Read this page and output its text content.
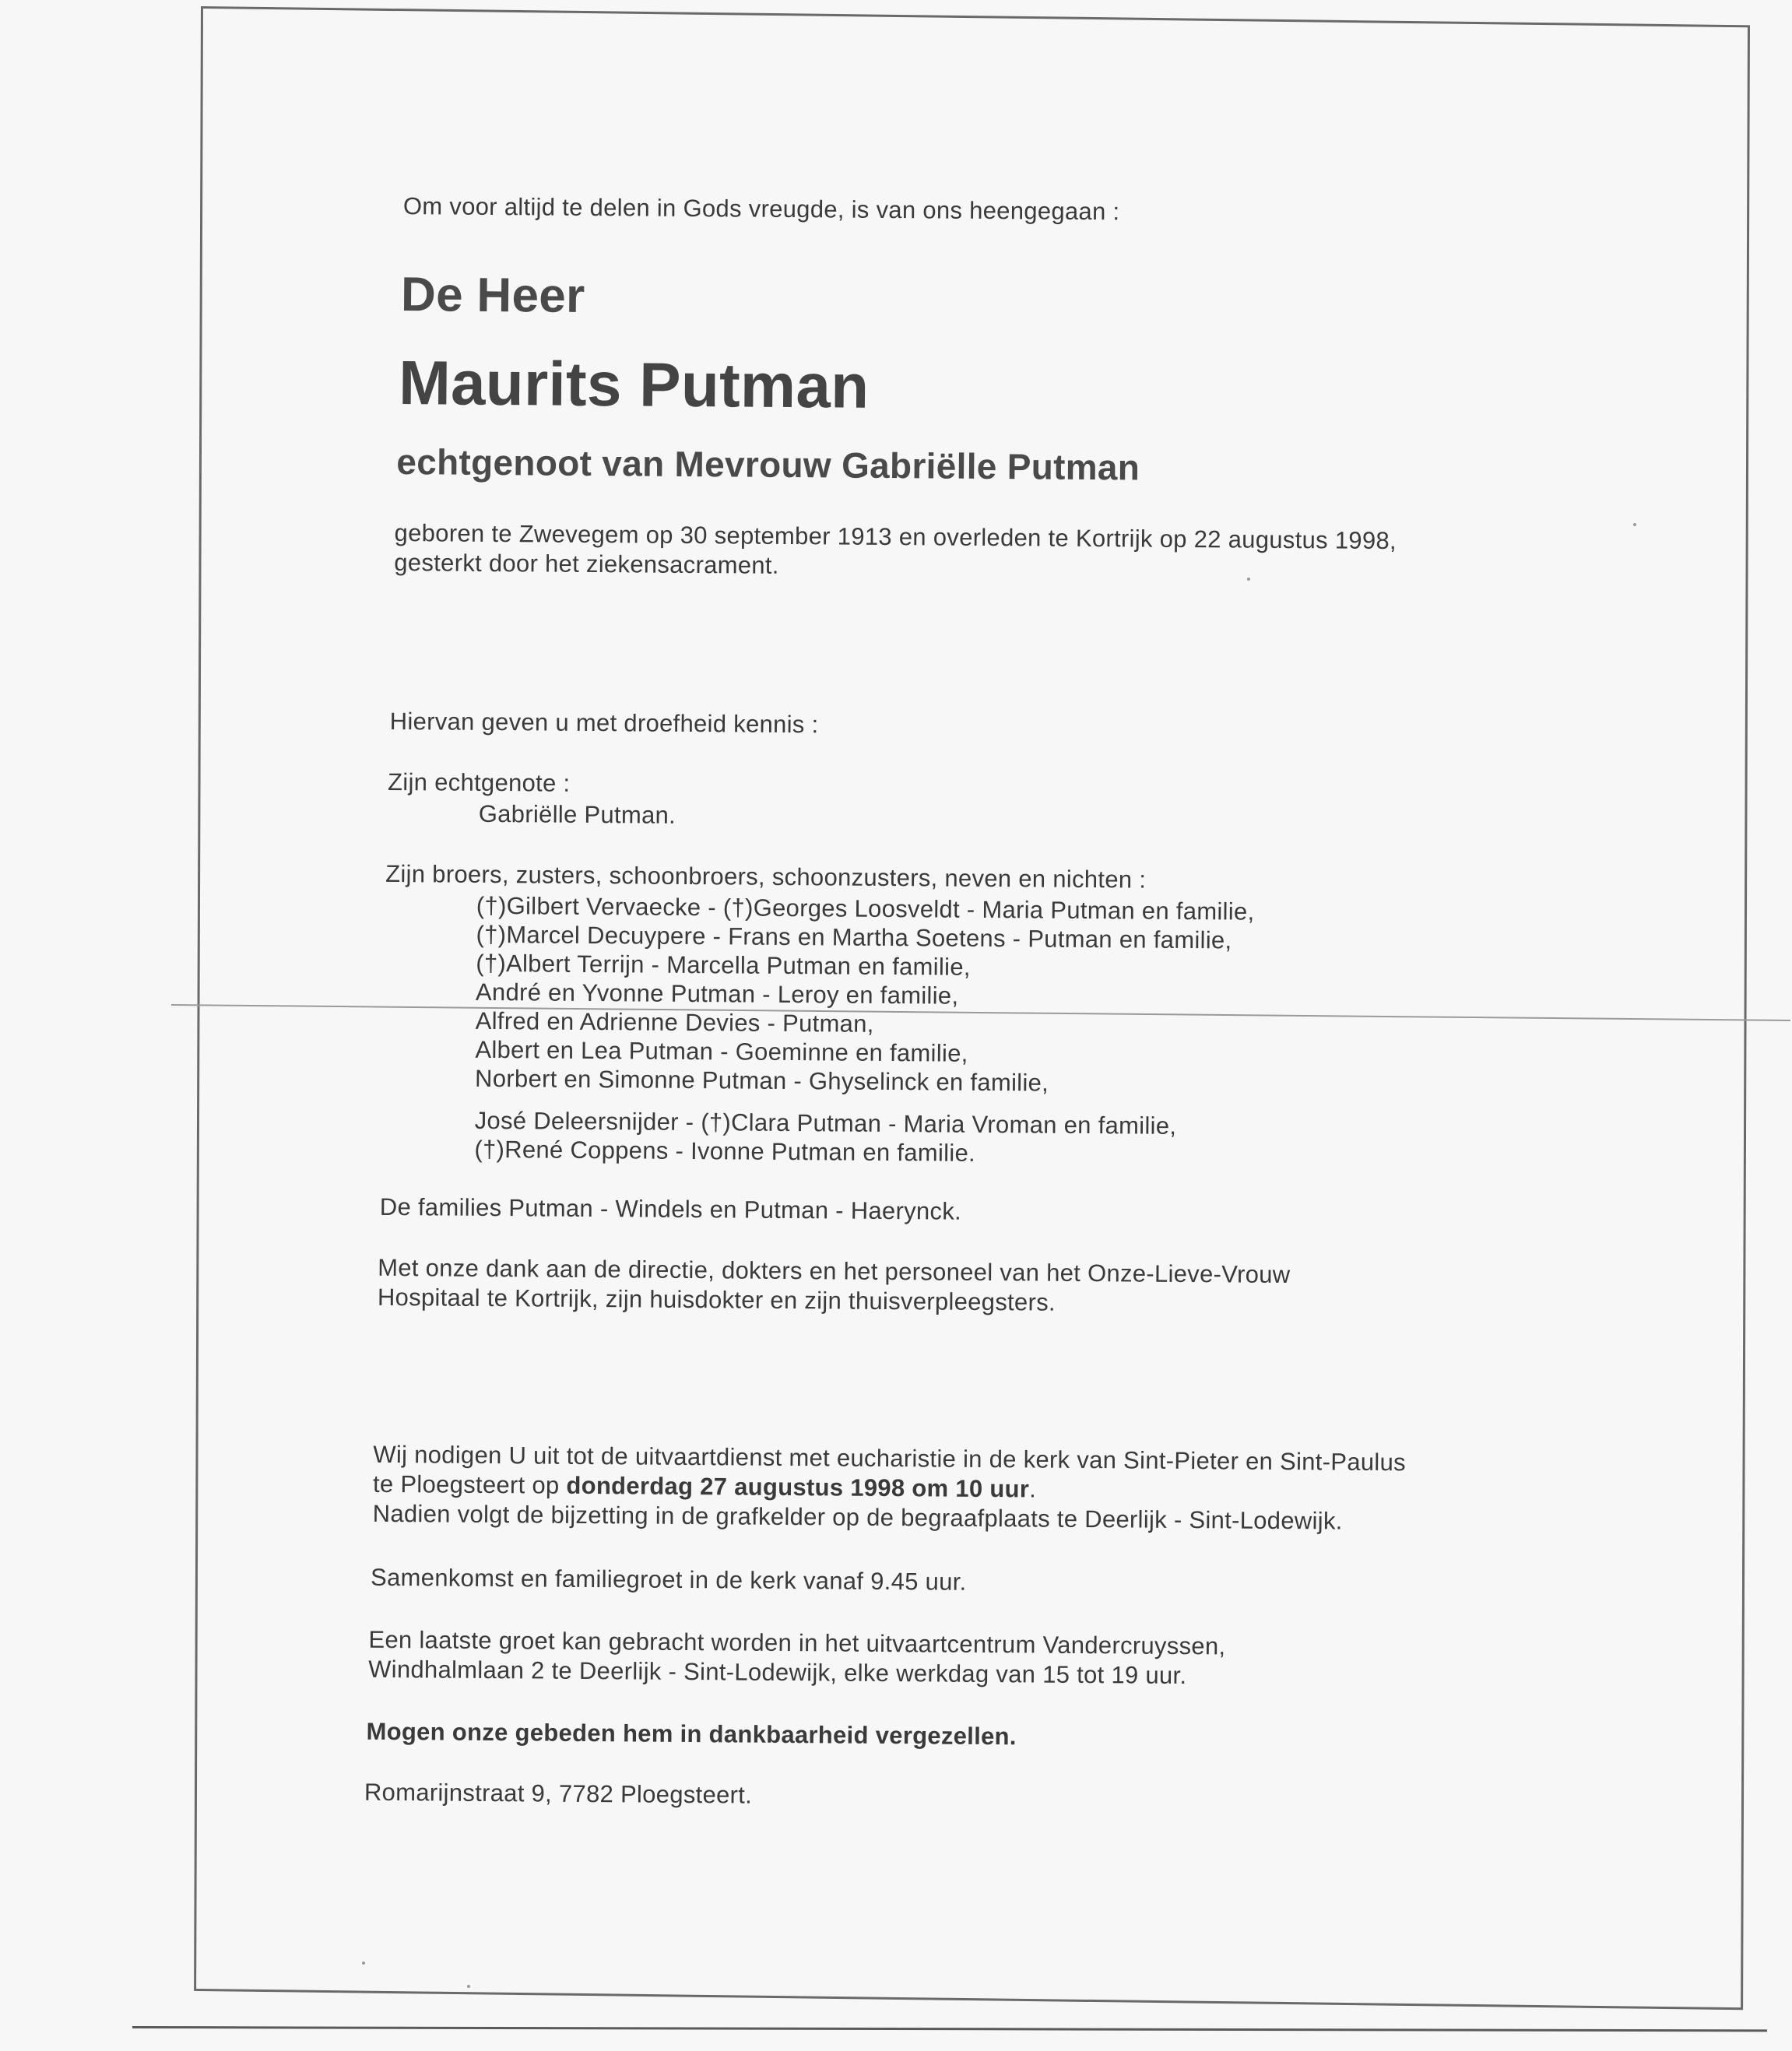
Om voor altijd te delen in Gods vreugde, is van ons heengegaan :
De Heer
Maurits Putman
echtgenoot van Mevrouw Gabriëlle Putman
geboren te Zwevegem op 30 september 1913 en overleden te Kortrijk op 22 augustus 1998,
gesterkt door het ziekensacrament.
Hiervan geven u met droefheid kennis :
Zijn echtgenote :
Gabriëlle Putman.
Zijn broers, zusters, schoonbroers, schoonzusters, neven en nichten :
(†)Gilbert Vervaecke - (†)Georges Loosveldt - Maria Putman en familie,
(†)Marcel Decuypere - Frans en Martha Soetens - Putman en familie,
(†)Albert Terrijn - Marcella Putman en familie,
André en Yvonne Putman - Leroy en familie,
Alfred en Adrienne Devies - Putman,
Albert en Lea Putman - Goeminne en familie,
Norbert en Simonne Putman - Ghyselinck en familie,
José Deleersnijder - (†)Clara Putman - Maria Vroman en familie,
(†)René Coppens - Ivonne Putman en familie.
De families Putman - Windels en Putman - Haerynck.
Met onze dank aan de directie, dokters en het personeel van het Onze-Lieve-Vrouw
Hospitaal te Kortrijk, zijn huisdokter en zijn thuisverpleegsters.
Wij nodigen U uit tot de uitvaartdienst met eucharistie in de kerk van Sint-Pieter en Sint-Paulus
te Ploegsteert op donderdag 27 augustus 1998 om 10 uur.
Nadien volgt de bijzetting in de grafkelder op de begraafplaats te Deerlijk - Sint-Lodewijk.
Samenkomst en familiegroet in de kerk vanaf 9.45 uur.
Een laatste groet kan gebracht worden in het uitvaartcentrum Vandercruyssen,
Windhalmlaan 2 te Deerlijk - Sint-Lodewijk, elke werkdag van 15 tot 19 uur.
Mogen onze gebeden hem in dankbaarheid vergezellen.
Romarijnstraat 9, 7782 Ploegsteert.
